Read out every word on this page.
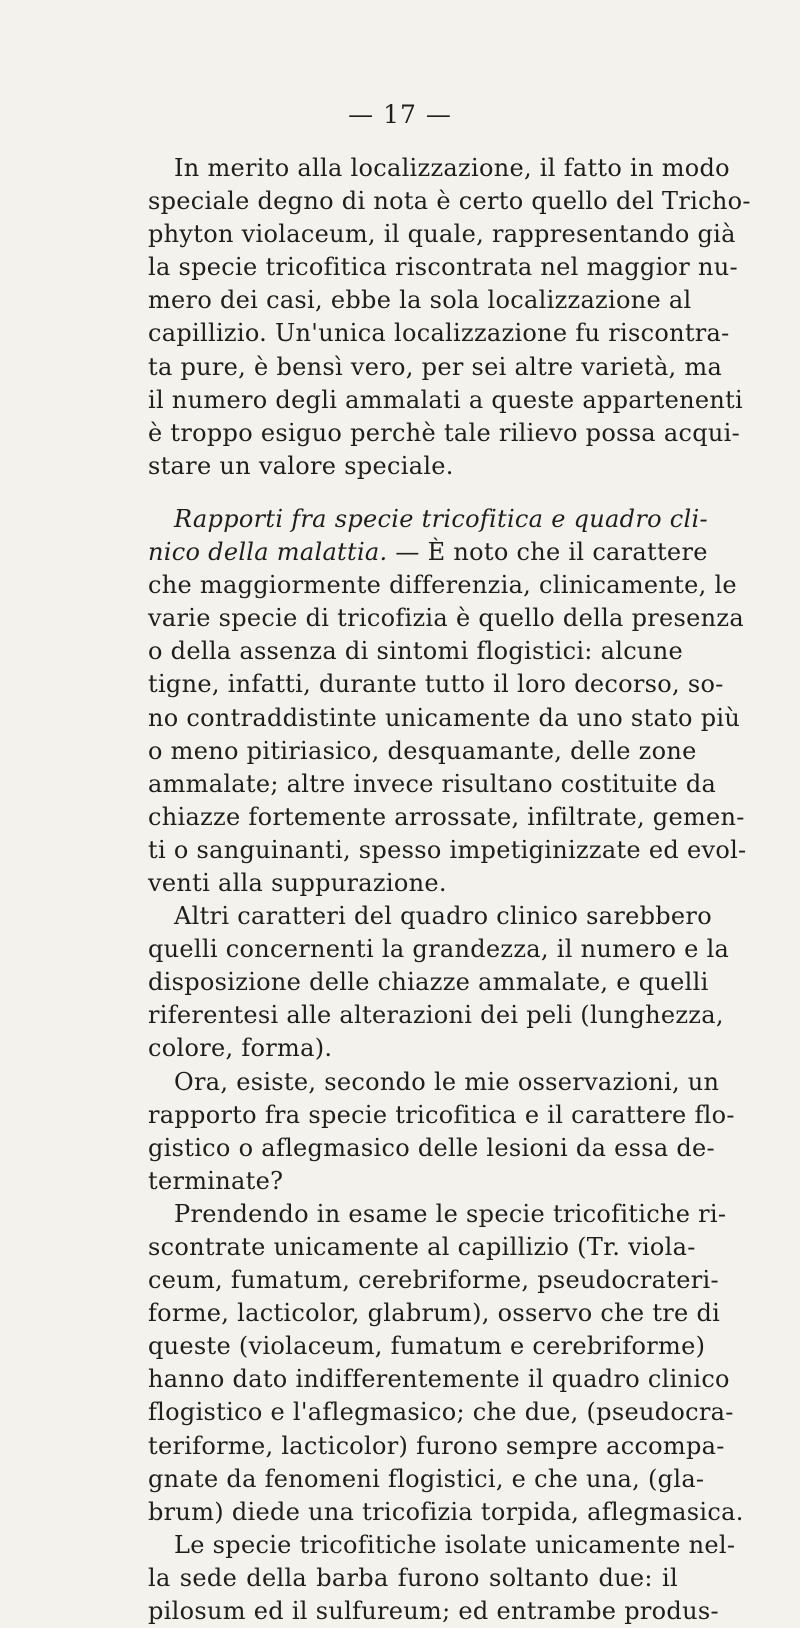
— 17 —
In merito alla localizzazione, il fatto in modo
speciale degno di nota è certo quello del Tricho-
phyton violaceum, il quale, rappresentando già
la specie tricofitica riscontrata nel maggior nu-
mero dei casi, ebbe la sola localizzazione al
capillizio. Un'unica localizzazione fu riscontra-
ta pure, è bensì vero, per sei altre varietà, ma
il numero degli ammalati a queste appartenenti
è troppo esiguo perchè tale rilievo possa acqui-
stare un valore speciale.
Rapporti fra specie tricofitica e quadro cli-
nico della malattia. — È noto che il carattere
che maggiormente differenzia, clinicamente, le
varie specie di tricofizia è quello della presenza
o della assenza di sintomi flogistici: alcune
tigne, infatti, durante tutto il loro decorso, so-
no contraddistinte unicamente da uno stato più
o meno pitiriasico, desquamante, delle zone
ammalate; altre invece risultano costituite da
chiazze fortemente arrossate, infiltrate, gemen-
ti o sanguinanti, spesso impetiginizzate ed evol-
venti alla suppurazione.
Altri caratteri del quadro clinico sarebbero
quelli concernenti la grandezza, il numero e la
disposizione delle chiazze ammalate, e quelli
riferentesi alle alterazioni dei peli (lunghezza,
colore, forma).
Ora, esiste, secondo le mie osservazioni, un
rapporto fra specie tricofitica e il carattere flo-
gistico o aflegmasico delle lesioni da essa de-
terminate?
Prendendo in esame le specie tricofitiche ri-
scontrate unicamente al capillizio (Tr. viola-
ceum, fumatum, cerebriforme, pseudocrateri-
forme, lacticolor, glabrum), osservo che tre di
queste (violaceum, fumatum e cerebriforme)
hanno dato indifferentemente il quadro clinico
flogistico e l'aflegmasico; che due, (pseudocra-
teriforme, lacticolor) furono sempre accompa-
gnate da fenomeni flogistici, e che una, (gla-
brum) diede una tricofizia torpida, aflegmasica.
Le specie tricofitiche isolate unicamente nel-
la sede della barba furono soltanto due: il
pilosum ed il sulfureum; ed entrambe produs-
